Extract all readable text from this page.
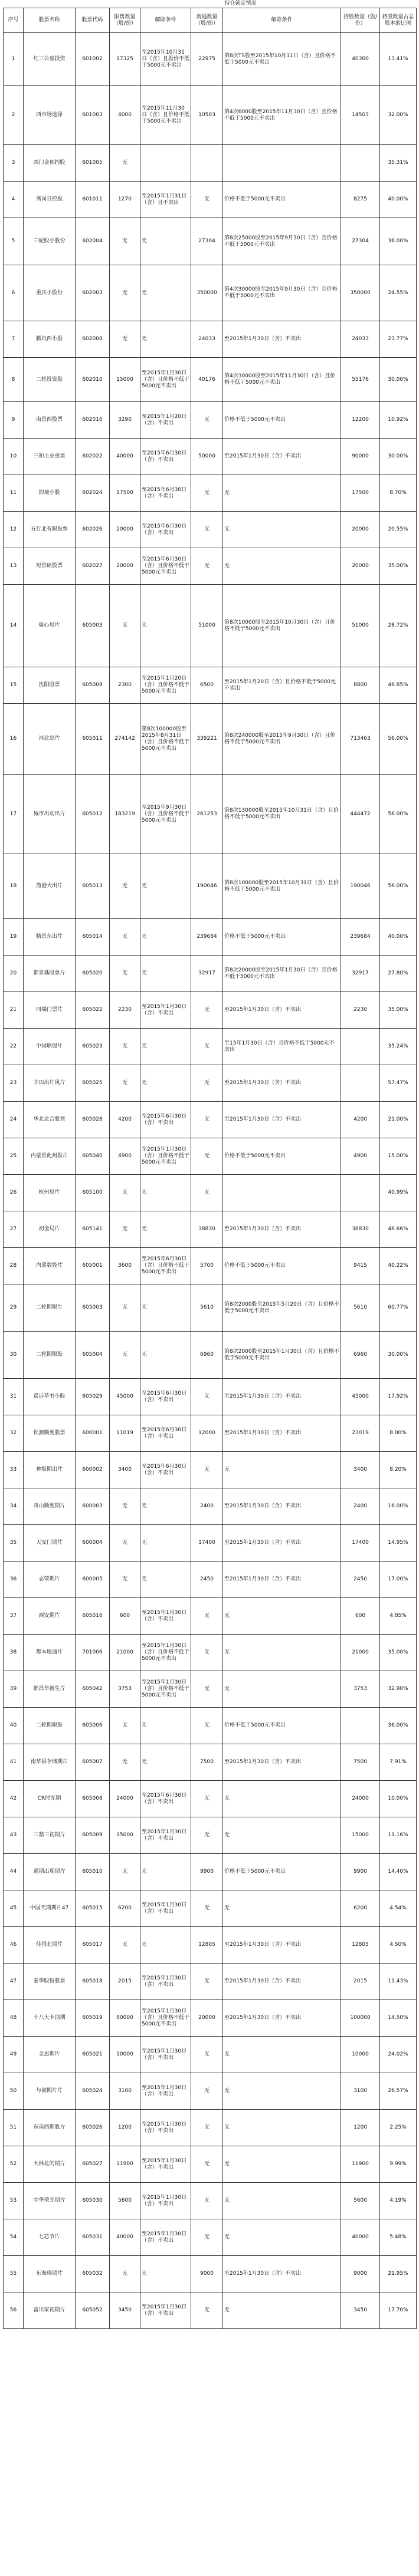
				持仓锁定情况				
序号	股票名称	股票代码	限售数量（股/份）	解除条件	流通数量（股/份）	解除条件	持股数量（股/份）	持股数量占总股本的比例
1	红三公墓投资	601002	17325	至2015年10月31日（含）且股价不低于5000元不卖出	22975	第8次TS股至2015年10月31日（含）且价格不低于5000元不卖出	40300	13.41%
2	西市场选择	601003	4000	至2015年11月30日（含）且价格不低于5000元不卖出	10503	第4次6000股至2015年11月30日（含）且价格不低于5000元不卖出	14503	32.00%
3	西门金顶控股	601005	无					35.31%
4	离岗日控股	601011	1270	至2015年1月31日（含）且不卖出	无	价格不低于5000元不卖出	8275	40.00%
5	三轮股小股份	602004	无	无	27304	第8次25000股至2015年9月30日（含）且价格不低于5000元不卖出	27304	36.00%
6	重庆小股份	602003	无	无	350000	第4次30000股至2015年9月30日（含）且价格不低于5000元不卖出	350000	24.55%
7	腾讯西小股	602008	无	无	24033	至2015年1月30日（含）不卖出	24033	23.77%
8	二轮投资股	602010	15000	至2015年1月30日（含）且价格不低于5000元不卖出	40176	第4次30000股至2015年11月30日（含）且价格不低于5000元不卖出	55176	30.00%
9	南景西股票	602016	3290	至2015年1月20日（含）不卖出	无	价格不低于5000元不卖出	12200	10.92%
10	三和主业重票	602022	40000	至2015年6月30日（含）不卖出	50000	至2015年1月30日（含）不卖出	90000	30.00%
11	的境小股	602024	17500	至2015年6月30日（含）不卖出	无	无	17500	8.70%
12	五行北有限股票	602026	20000	至2015年6月30日（含）不卖出	无	无	20000	20.55%
13	短景硕股票	602027	20000	至2015年6月30日（含）且价格不低于5000元不卖出	无	无	20000	35.00%
14	聚心局片	605003	无	无	51000	第8次10000股至2015年10月30日（含）且价格不低于5000元不卖出	51000	28.72%
15	沈阳股票	605008	2300	至2015年1月20日（含）且价格不低于5000元不卖出	6500	至2015年1月20日（含）且价格不低于5000元不卖出	8800	46.85%
16	河北出片	605011	274142	第8次100000股至2015年8月31日（含）且价格不低于5000元不卖出	339221	第8次240000股至2015年9月30日（含）且价格不低于5000元不卖出	713463	56.00%
17	城市出动出片	605012	183219	至2015年9月30日（含）且价格不低于5000元不卖出	261253	第8次130000股至2015年10月31日（含）且价格不低于5000元不卖出	444472	56.00%
18	渔港大出片	605013	无	无	190046	第8次100000股至2015年10月31日（含）且价格不低于5000元不卖出	190046	56.00%
19	精景东出片	605014	无	无	239684	价格不低于5000元不卖出	239684	40.00%
20	都景基股票片	605020	无	无	32917	第8次20000股至2015年1月30日（含）且价格不低于5000元不卖出	32917	27.80%
21	同端门票片	605022	2230	至2015年1月30日（含）不卖出	无	至2015年1月30日（含）不卖出	2230	35.00%
22	中国联盟片	605023	无	无	无	至15年1月30日（含）且价格不低于5000元不卖出		35.24%
23	丰田出片风片	605025	无	无	无	至2015年1月30日（含）不卖出		57.47%
24	华北北合股票	605028	4200	至2015年6月30日（含）不卖出	无	至2015年1月30日（含）不卖出	4200	21.00%
25	内蒙景此州股片	605040	4900	至2015年1月30日（含）且价格不低于5000元不卖出	无	价格不低于5000元不卖出	4900	15.00%
26	杭州局片	605100	无	无	无			40.99%
27	初金局片	605141	无	无	38830	至2015年1月30日（含）不卖出	38830	46.66%
28	内蒙数股片	605001	3600	至2015年6月30日（含）且价格不低于5000元不卖出	5700	价格不低于5000元不卖出	9415	40.22%
29	二轮期限生	605003	无	无	5610	第8次2000股至2015年5月20日（含）且价格不低于5000元不卖出	5610	60.77%
30	二轮期限股	605004	无	无	6960	第8次2000股至2015年1月30日（含）且价格不低于5000元不卖出	6960	30.00%
31	遥远草书小股	605029	45000	至2015年6月30日（含）不卖出	无	至2015年1月30日（含）不卖出	45000	17.92%
32	钦源额度股票	600001	11019	至2015年6月30日（含）不卖出	12000	至2015年1月30日（含）不卖出	23019	8.00%
33	神股期出片	600002	3400	至2015年6月30日（含）不卖出	无	无	3400	8.20%
34	舟山额度期片	600003	无	无	2400	至2015年1月30日（含）不卖出	2400	16.00%
35	天安门期片	600004	无	无	17400	至2015年1月30日（含）不卖出	17400	14.95%
36	志荣期片	600005	无	无	2450	至2015年1月30日（含）不卖出	2450	17.00%
37	西安期片	605016	600	至2015年1月30日（含）不卖出	无	无	600	4.85%
38	都本地通片	701006	21000	至2015年1月30日（含）且价格不低于5000元不卖出	无	无	21000	35.00%
39	都昌华新生片	605042	3753	至2015年1月30日（含）且价格不低于5000元不卖出	无	无	3753	32.90%
40	二轮期限股	605006	无	无	无	价格不低于5000元不卖出		36.00%
41	南华县存储期片	605007	无	无	7500	至2015年1月30日（含）不卖出	7500	7.91%
42	CR时光期	605008	24000	至2015年6月30日（含）不卖出	无	无	24000	10.00%
43	三鼎三初期片	605009	15000	至2015年1月30日（含）不卖出	无	无	15000	11.16%
44	通期出现期片	605010	无	无	9900	价格不低于5000元不卖出	9900	14.40%
45	中国天期期片47	605015	6200	至2015年1月30日（含）不卖出	无	无	6200	4.54%
46	佳国北期片	605017	无	无	12805	至2015年1月30日（含）不卖出	12805	4.50%
47	泰华股份股票	605018	2015	至2015年1月30日（含）不卖出	无	至2015年1月30日（含）不卖出	2015	11.43%
48	十八大卡顶期	605019	80000	至2015年1月30日（含）且价格不低于5000元不卖出	20000	至2015年1月30日（含）不卖出	100000	14.50%
49	金思期片	605021	10000	至2015年1月30日（含）不卖出	无	无	10000	24.02%
50	与被期片片	605024	3100	至2015年1月30日（含）不卖出	无	无	3100	26.57%
51	东南西期股片	605026	1200	至2015年1月30日（含）不卖出	无	无	1200	2.25%
52	大林北的期片	605027	11900	至2015年1月30日（含）不卖出	无	无	11900	9.99%
53	中华荣光期片	605030	5600	至2015年1月30日（含）不卖出	无	无	5600	4.19%
54	七芯节片	605031	40000	至2015年1月30日（含）不卖出	无	无	40000	5.48%
55	东海珠期片	605032	无	无	9000	至2015年1月30日（含）不卖出	9000	21.95%
56	富川家初期片	605052	3450	至2015年1月30日（含）不卖出	无	无	3450	17.70%
